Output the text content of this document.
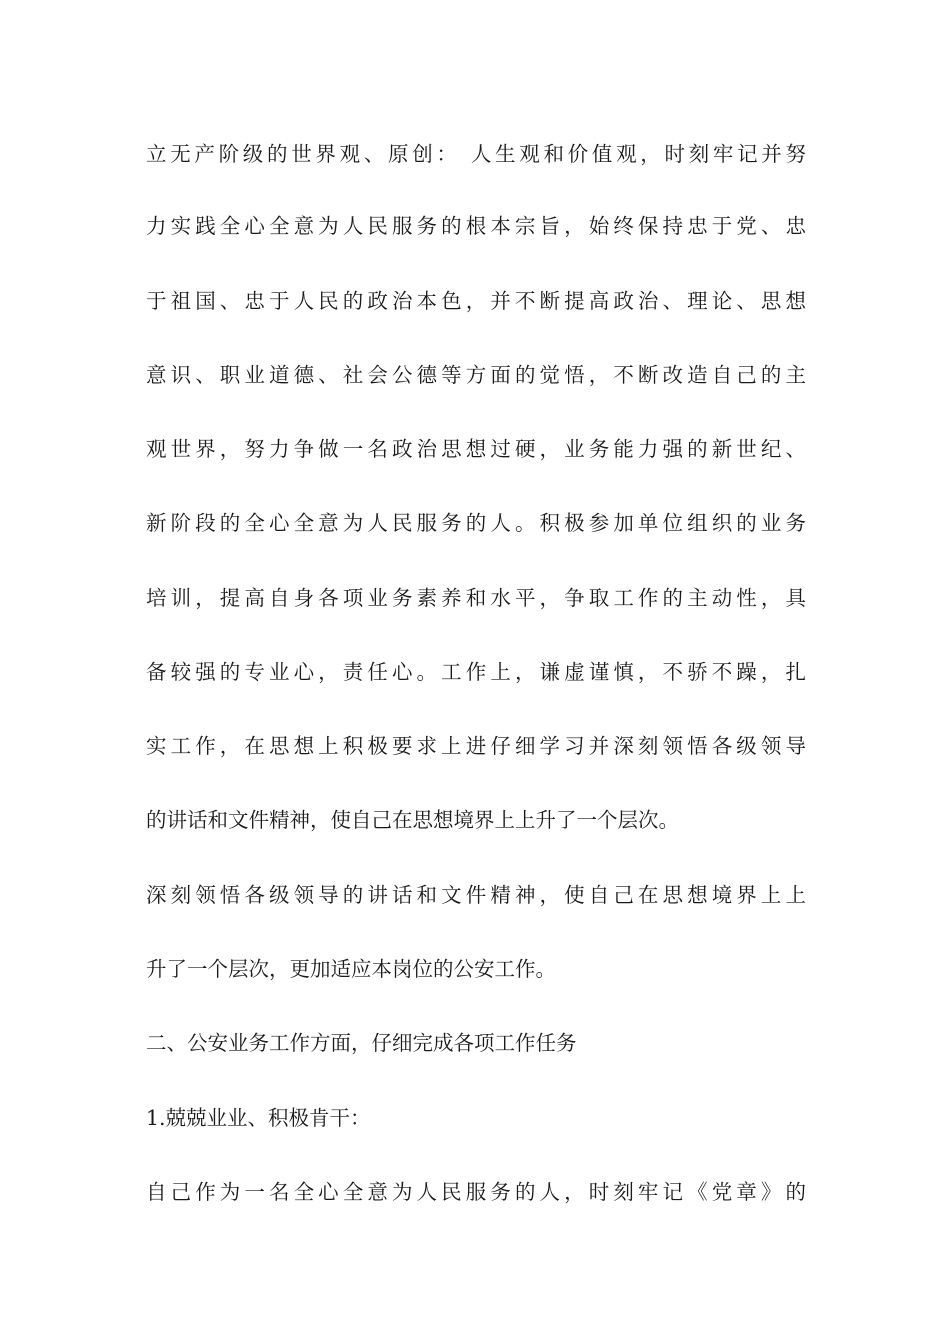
立无产阶级的世界观、原创： 人生观和价值观，时刻牢记并努
力实践全心全意为人民服务的根本宗旨，始终保持忠于党、忠
于祖国、忠于人民的政治本色，并不断提高政治、理论、思想
意识、职业道德、社会公德等方面的觉悟，不断改造自己的主
观世界，努力争做一名政治思想过硬，业务能力强的新世纪、
新阶段的全心全意为人民服务的人。积极参加单位组织的业务
培训，提高自身各项业务素养和水平，争取工作的主动性，具
备较强的专业心，责任心。工作上，谦虚谨慎，不骄不躁，扎
实工作，在思想上积极要求上进仔细学习并深刻领悟各级领导
的讲话和文件精神，使自己在思想境界上上升了一个层次。
深刻领悟各级领导的讲话和文件精神，使自己在思想境界上上
升了一个层次，更加适应本岗位的公安工作。
二、公安业务工作方面，仔细完成各项工作任务
1.兢兢业业、积极肯干：
自己作为一名全心全意为人民服务的人，时刻牢记《党章》的
